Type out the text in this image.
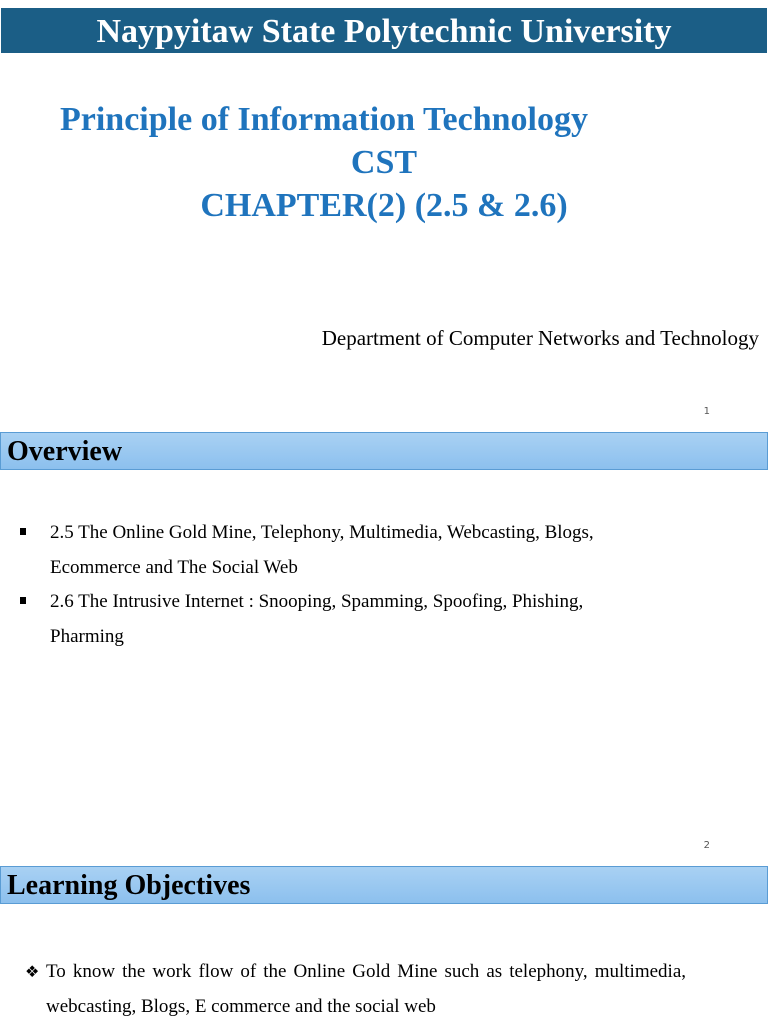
Naypyitaw State Polytechnic University
Principle of Information Technology
CST
CHAPTER(2) (2.5 & 2.6)
Department of Computer Networks and Technology
1
Overview
2.5 The Online Gold Mine, Telephony, Multimedia, Webcasting, Blogs, Ecommerce and The Social Web
2.6 The Intrusive Internet : Snooping, Spamming, Spoofing, Phishing, Pharming
2
Learning Objectives
❖ To know the work flow of the Online Gold Mine such as telephony, multimedia, webcasting, Blogs, E commerce and the social web
